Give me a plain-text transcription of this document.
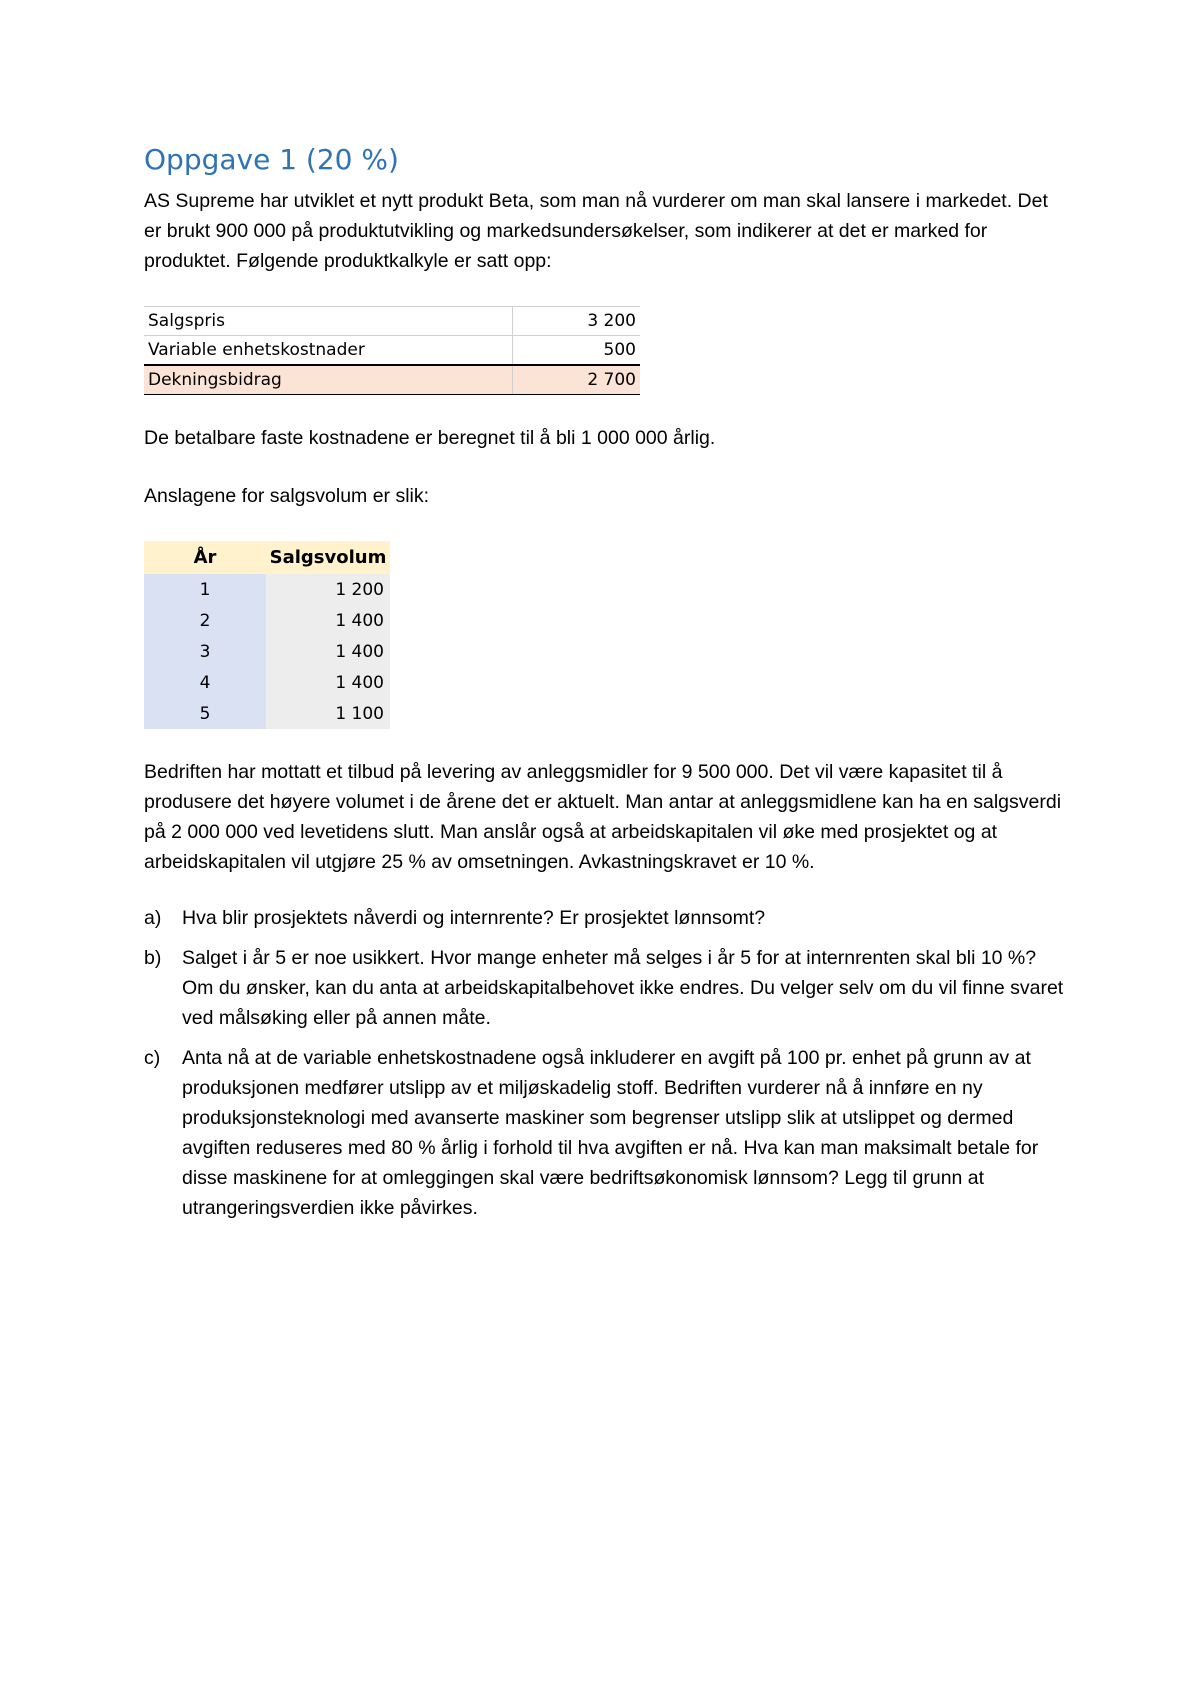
Oppgave 1 (20 %)

AS Supreme har utviklet et nytt produkt Beta, som man nå vurderer om man skal lansere i markedet. Det er brukt 900 000 på produktutvikling og markedsundersøkelser, som indikerer at det er marked for produktet. Følgende produktkalkyle er satt opp:

Salgspris	3 200
Variable enhetskostnader	500
Dekningsbidrag	2 700

De betalbare faste kostnadene er beregnet til å bli 1 000 000 årlig.

Anslagene for salgsvolum er slik:

År	Salgsvolum
1	1 200
2	1 400
3	1 400
4	1 400
5	1 100

Bedriften har mottatt et tilbud på levering av anleggsmidler for 9 500 000. Det vil være kapasitet til å produsere det høyere volumet i de årene det er aktuelt. Man antar at anleggsmidlene kan ha en salgsverdi på 2 000 000 ved levetidens slutt. Man anslår også at arbeidskapitalen vil øke med prosjektet og at arbeidskapitalen vil utgjøre 25 % av omsetningen. Avkastningskravet er 10 %.

a) Hva blir prosjektets nåverdi og internrente? Er prosjektet lønnsomt?
b) Salget i år 5 er noe usikkert. Hvor mange enheter må selges i år 5 for at internrenten skal bli 10 %? Om du ønsker, kan du anta at arbeidskapitalbehovet ikke endres. Du velger selv om du vil finne svaret ved målsøking eller på annen måte.
c) Anta nå at de variable enhetskostnadene også inkluderer en avgift på 100 pr. enhet på grunn av at produksjonen medfører utslipp av et miljøskadelig stoff. Bedriften vurderer nå å innføre en ny produksjonsteknologi med avanserte maskiner som begrenser utslipp slik at utslippet og dermed avgiften reduseres med 80 % årlig i forhold til hva avgiften er nå. Hva kan man maksimalt betale for disse maskinene for at omleggingen skal være bedriftsøkonomisk lønnsom? Legg til grunn at utrangeringsverdien ikke påvirkes.
